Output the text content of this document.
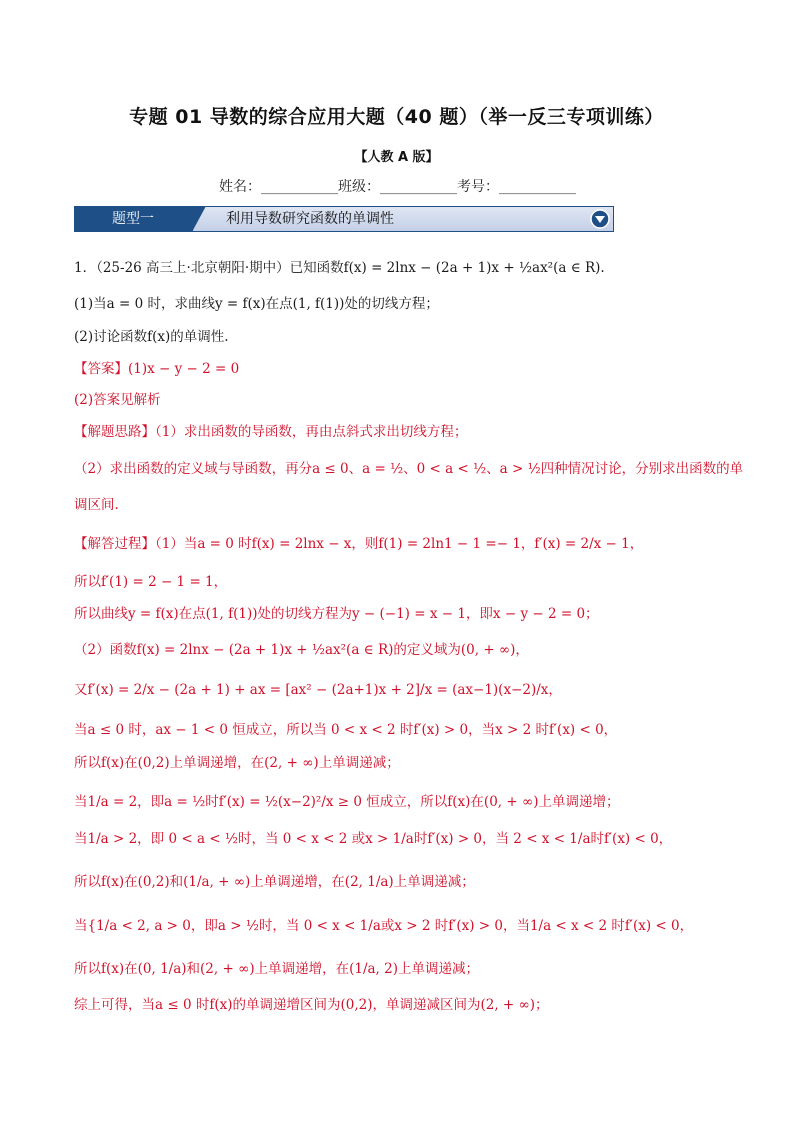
专题 01 导数的综合应用大题（40 题）（举一反三专项训练）
【人教 A 版】
姓名：___________班级：___________考号：___________
题型一	利用导数研究函数的单调性
1．（25-26 高三上·北京朝阳·期中）已知函数f(x) = 2lnx − (2a + 1)x + ½ax²(a ∈ R).
(1)当a = 0 时，求曲线y = f(x)在点(1, f(1))处的切线方程；
(2)讨论函数f(x)的单调性.
【答案】(1)x − y − 2 = 0
(2)答案见解析
【解题思路】（1）求出函数的导函数，再由点斜式求出切线方程；
（2）求出函数的定义域与导函数，再分a ≤ 0、a = ½、0 < a < ½、a > ½四种情况讨论，分别求出函数的单
调区间.
【解答过程】（1）当a = 0 时f(x) = 2lnx − x，则f(1) = 2ln1 − 1 =− 1，f′(x) = 2/x − 1，
所以f′(1) = 2 − 1 = 1，
所以曲线y = f(x)在点(1, f(1))处的切线方程为y − (−1) = x − 1，即x − y − 2 = 0；
（2）函数f(x) = 2lnx − (2a + 1)x + ½ax²(a ∈ R)的定义域为(0, + ∞)，
又f′(x) = 2/x − (2a + 1) + ax = [ax² − (2a+1)x + 2]/x = (ax−1)(x−2)/x，
当a ≤ 0 时，ax − 1 < 0 恒成立，所以当 0 < x < 2 时f′(x) > 0，当x > 2 时f′(x) < 0，
所以f(x)在(0,2)上单调递增，在(2, + ∞)上单调递减；
当1/a = 2，即a = ½时f′(x) = ½(x−2)²/x ≥ 0 恒成立，所以f(x)在(0, + ∞)上单调递增；
当1/a > 2，即 0 < a < ½时，当 0 < x < 2 或x > 1/a时f′(x) > 0，当 2 < x < 1/a时f′(x) < 0，
所以f(x)在(0,2)和(1/a, + ∞)上单调递增，在(2, 1/a)上单调递减；
当{1/a < 2, a > 0，即a > ½时，当 0 < x < 1/a或x > 2 时f′(x) > 0，当1/a < x < 2 时f′(x) < 0，
所以f(x)在(0, 1/a)和(2, + ∞)上单调递增，在(1/a, 2)上单调递减；
综上可得，当a ≤ 0 时f(x)的单调递增区间为(0,2)，单调递减区间为(2, + ∞)；
